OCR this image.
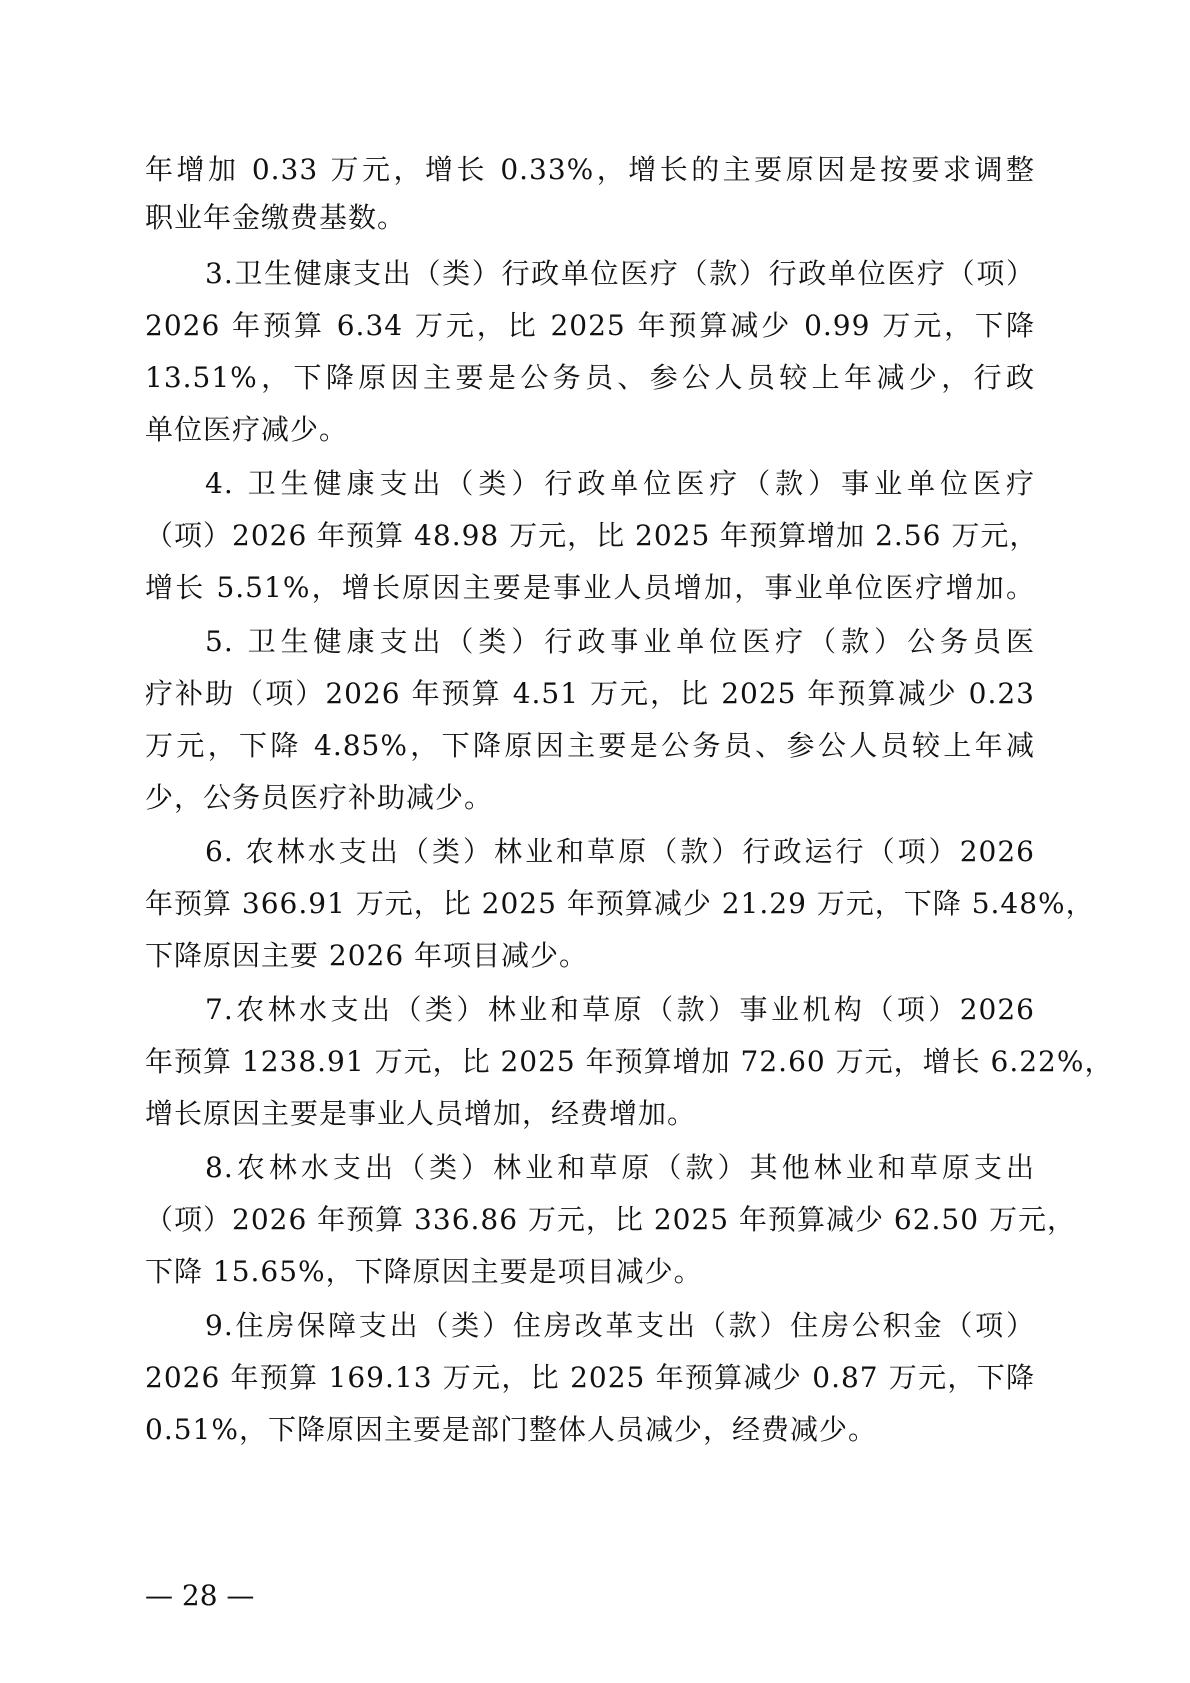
年增加 0.33 万元，增长 0.33%，增长的主要原因是按要求调整
职业年金缴费基数。
3.卫生健康支出（类）行政单位医疗（款）行政单位医疗（项）
2026 年预算 6.34 万元，比 2025 年预算减少 0.99 万元，下降
13.51%，下降原因主要是公务员、参公人员较上年减少，行政
单位医疗减少。
4. 卫生健康支出（类）行政单位医疗（款）事业单位医疗
（项）2026 年预算 48.98 万元，比 2025 年预算增加 2.56 万元，
增长 5.51%，增长原因主要是事业人员增加，事业单位医疗增加。
5. 卫生健康支出（类）行政事业单位医疗（款）公务员医
疗补助（项）2026 年预算 4.51 万元，比 2025 年预算减少 0.23
万元，下降 4.85%，下降原因主要是公务员、参公人员较上年减
少，公务员医疗补助减少。
6. 农林水支出（类）林业和草原（款）行政运行（项）2026
年预算 366.91 万元，比 2025 年预算减少 21.29 万元，下降 5.48%，
下降原因主要 2026 年项目减少。
7.农林水支出（类）林业和草原（款）事业机构（项）2026
年预算 1238.91 万元，比 2025 年预算增加 72.60 万元，增长 6.22%，
增长原因主要是事业人员增加，经费增加。
8.农林水支出（类）林业和草原（款）其他林业和草原支出
（项）2026 年预算 336.86 万元，比 2025 年预算减少 62.50 万元，
下降 15.65%，下降原因主要是项目减少。
9.住房保障支出（类）住房改革支出（款）住房公积金（项）
2026 年预算 169.13 万元，比 2025 年预算减少 0.87 万元，下降
0.51%，下降原因主要是部门整体人员减少，经费减少。
— 28 —
